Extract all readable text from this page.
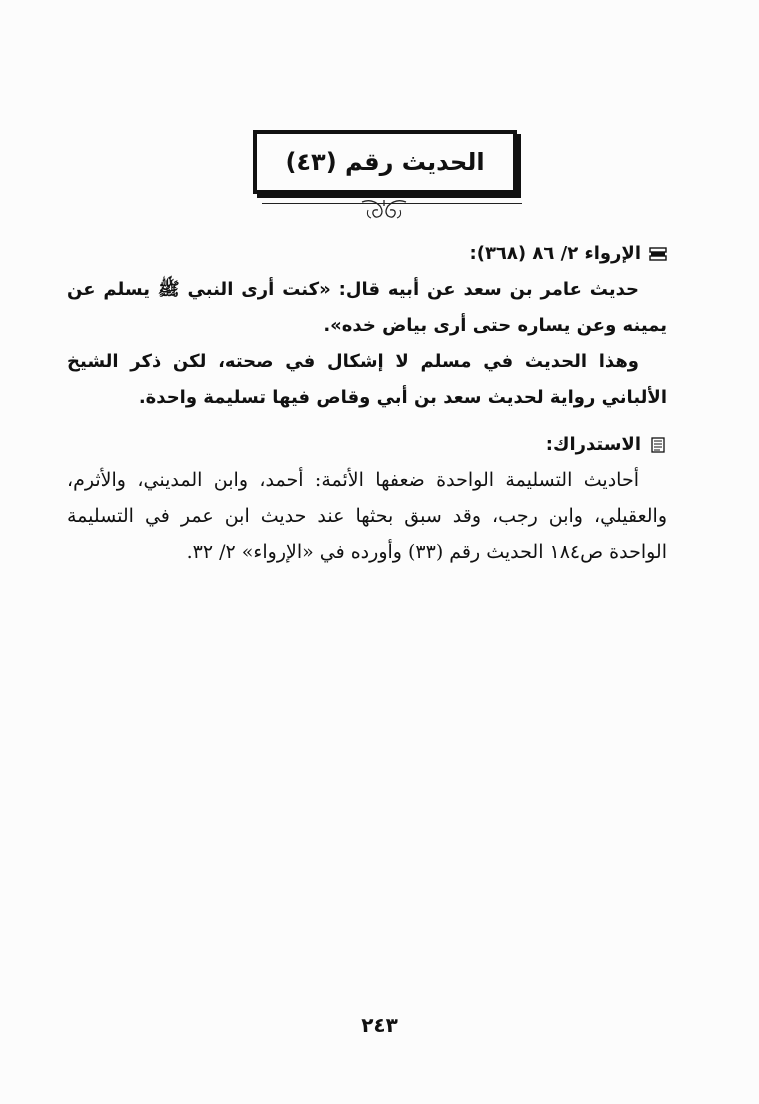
الحديث رقم (٤٣)
الإرواء ٢/ ٨٦ (٣٦٨):
حديث عامر بن سعد عن أبيه قال: «كنت أرى النبي ﷺ يسلم عن يمينه وعن يساره حتى أرى بياض خده».
وهذا الحديث في مسلم لا إشكال في صحته، لكن ذكر الشيخ الألباني رواية لحديث سعد بن أبي وقاص فيها تسليمة واحدة.
الاستدراك:
أحاديث التسليمة الواحدة ضعفها الأئمة: أحمد، وابن المديني، والأثرم، والعقيلي، وابن رجب، وقد سبق بحثها عند حديث ابن عمر في التسليمة الواحدة ص١٨٤ الحديث رقم (٣٣) وأورده في «الإرواء» ٢/ ٣٢.
٢٤٣
